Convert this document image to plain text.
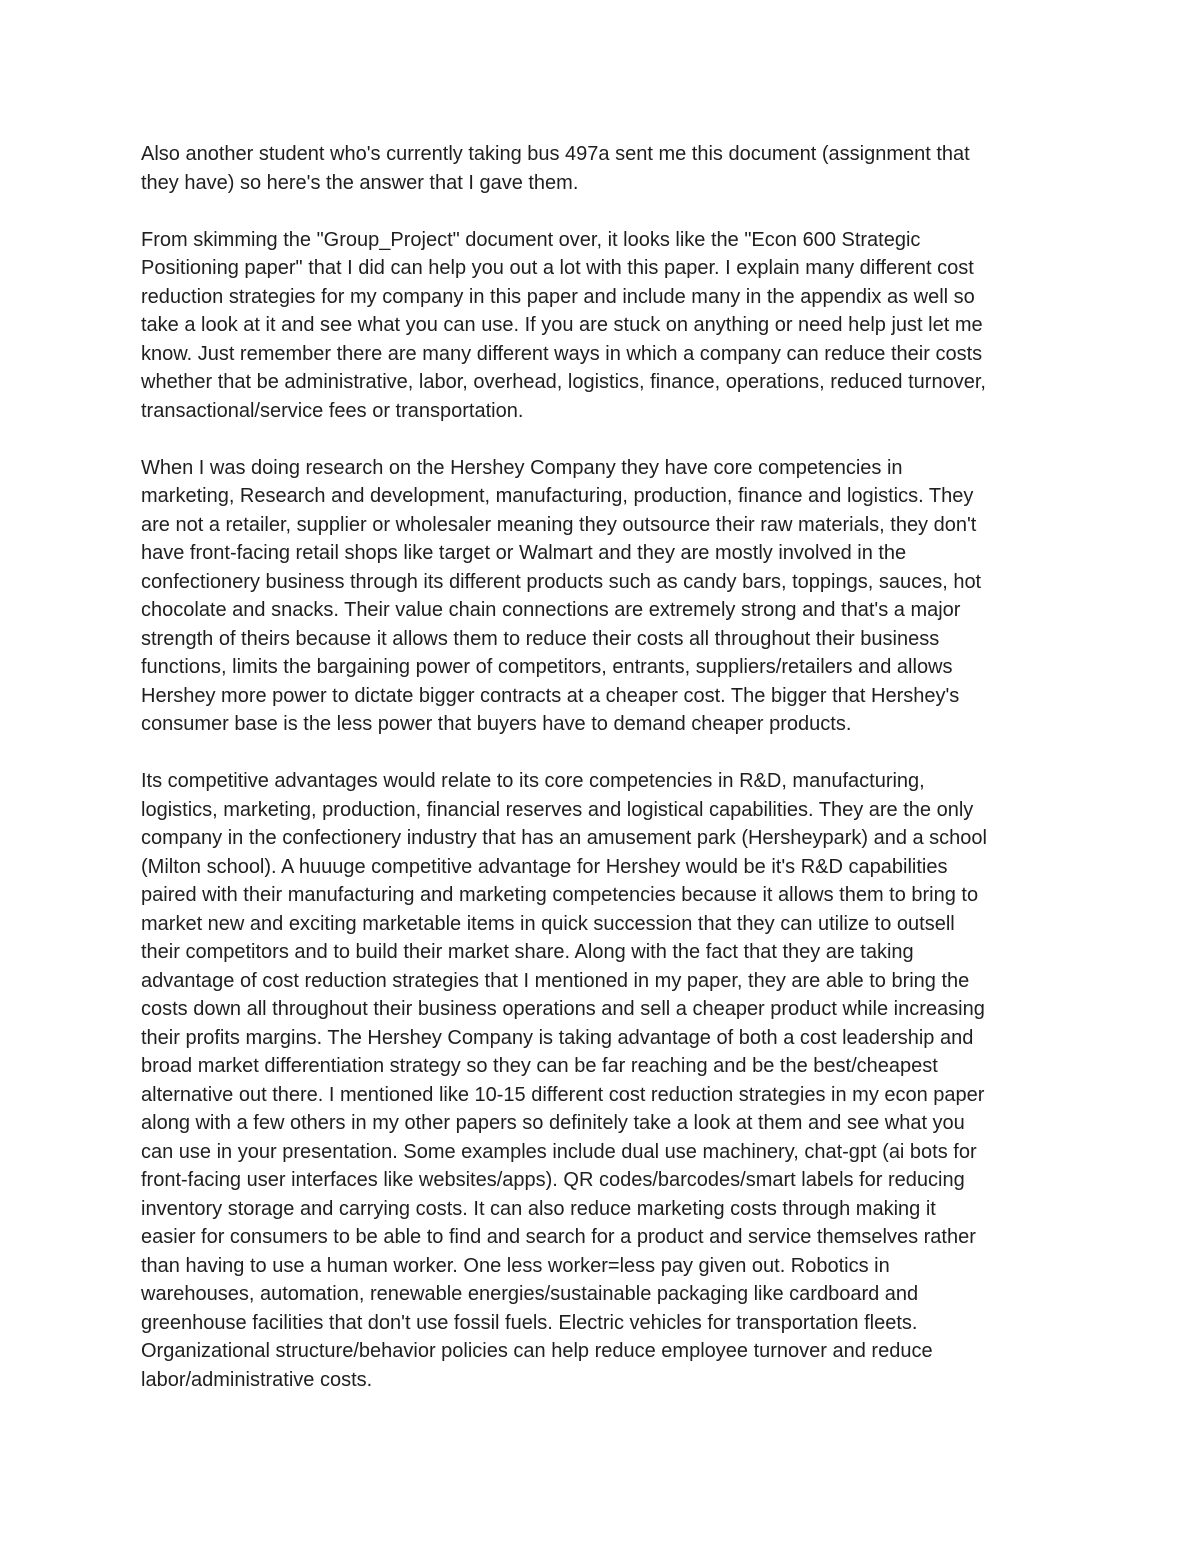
Also another student who's currently taking bus 497a sent me this document (assignment that
they have) so here's the answer that I gave them.

From skimming the "Group_Project" document over, it looks like the "Econ 600 Strategic
Positioning paper" that I did can help you out a lot with this paper. I explain many different cost
reduction strategies for my company in this paper and include many in the appendix as well so
take a look at it and see what you can use. If you are stuck on anything or need help just let me
know. Just remember there are many different ways in which a company can reduce their costs
whether that be administrative, labor, overhead, logistics, finance, operations, reduced turnover,
transactional/service fees or transportation.

When I was doing research on the Hershey Company they have core competencies in
marketing, Research and development, manufacturing, production, finance and logistics. They
are not a retailer, supplier or wholesaler meaning they outsource their raw materials, they don't
have front-facing retail shops like target or Walmart and they are mostly involved in the
confectionery business through its different products such as candy bars, toppings, sauces, hot
chocolate and snacks. Their value chain connections are extremely strong and that's a major
strength of theirs because it allows them to reduce their costs all throughout their business
functions, limits the bargaining power of competitors, entrants, suppliers/retailers and allows
Hershey more power to dictate bigger contracts at a cheaper cost. The bigger that Hershey's
consumer base is the less power that buyers have to demand cheaper products.

Its competitive advantages would relate to its core competencies in R&D, manufacturing,
logistics, marketing, production, financial reserves and logistical capabilities. They are the only
company in the confectionery industry that has an amusement park (Hersheypark) and a school
(Milton school). A huuuge competitive advantage for Hershey would be it's R&D capabilities
paired with their manufacturing and marketing competencies because it allows them to bring to
market new and exciting marketable items in quick succession that they can utilize to outsell
their competitors and to build their market share. Along with the fact that they are taking
advantage of cost reduction strategies that I mentioned in my paper, they are able to bring the
costs down all throughout their business operations and sell a cheaper product while increasing
their profits margins. The Hershey Company is taking advantage of both a cost leadership and
broad market differentiation strategy so they can be far reaching and be the best/cheapest
alternative out there. I mentioned like 10-15 different cost reduction strategies in my econ paper
along with a few others in my other papers so definitely take a look at them and see what you
can use in your presentation. Some examples include dual use machinery, chat-gpt (ai bots for
front-facing user interfaces like websites/apps). QR codes/barcodes/smart labels for reducing
inventory storage and carrying costs. It can also reduce marketing costs through making it
easier for consumers to be able to find and search for a product and service themselves rather
than having to use a human worker. One less worker=less pay given out. Robotics in
warehouses, automation, renewable energies/sustainable packaging like cardboard and
greenhouse facilities that don't use fossil fuels. Electric vehicles for transportation fleets.
Organizational structure/behavior policies can help reduce employee turnover and reduce
labor/administrative costs.
